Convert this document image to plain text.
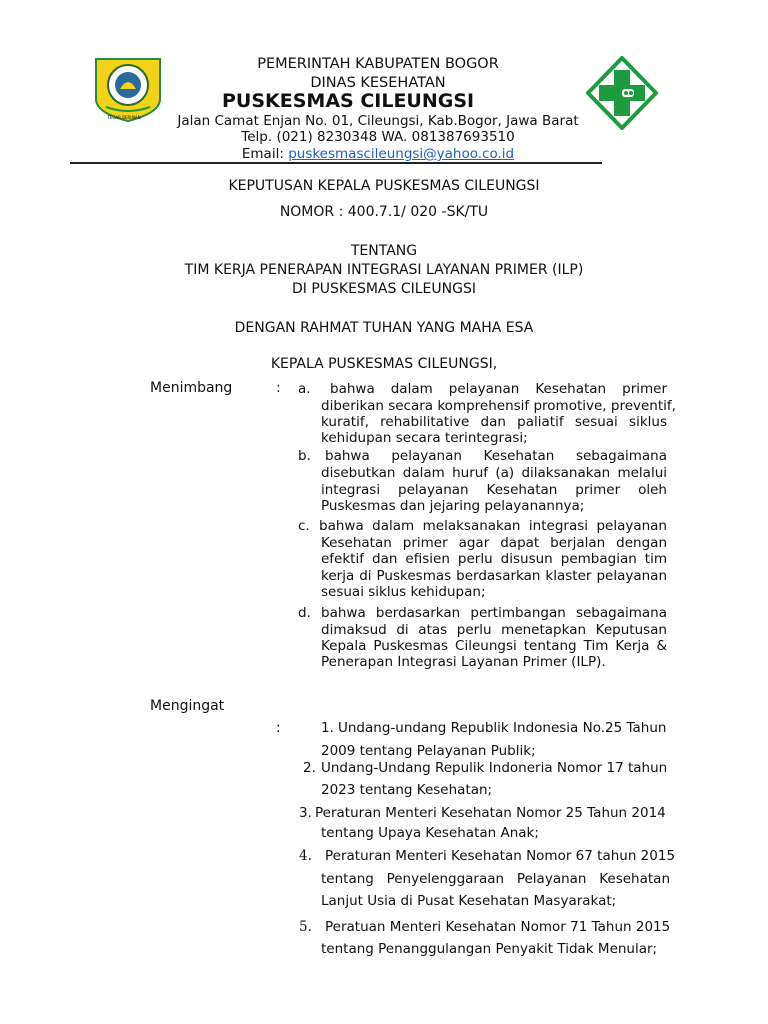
TEGAR BERIMAN
PEMERINTAH KABUPATEN BOGOR
DINAS KESEHATAN
PUSKESMAS CILEUNGSI
Jalan Camat Enjan No. 01, Cileungsi, Kab.Bogor, Jawa Barat
Telp. (021) 8230348 WA. 081387693510
Email: puskesmascileungsi@yahoo.co.id
KEPUTUSAN KEPALA PUSKESMAS CILEUNGSI
NOMOR : 400.7.1/ 020 -SK/TU
TENTANG
TIM KERJA PENERAPAN INTEGRASI LAYANAN PRIMER (ILP)
DI PUSKESMAS CILEUNGSI
DENGAN RAHMAT TUHAN YANG MAHA ESA
KEPALA PUSKESMAS CILEUNGSI,
Menimbang	: a. bahwa dalam pelayanan Kesehatan primer
diberikan secara komprehensif promotive, preventif,
kuratif, rehabilitative dan paliatif sesuai siklus
kehidupan secara terintegrasi;
b. bahwa pelayanan Kesehatan sebagaimana
disebutkan dalam huruf (a) dilaksanakan melalui
integrasi pelayanan Kesehatan primer oleh
Puskesmas dan jejaring pelayanannya;
c. bahwa dalam melaksanakan integrasi pelayanan
Kesehatan primer agar dapat berjalan dengan
efektif dan efisien perlu disusun pembagian tim
kerja di Puskesmas berdasarkan klaster pelayanan
sesuai siklus kehidupan;
d. bahwa berdasarkan pertimbangan sebagaimana
dimaksud di atas perlu menetapkan Keputusan
Kepala Puskesmas Cileungsi tentang Tim Kerja &
Penerapan Integrasi Layanan Primer (ILP).
Mengingat
:	1. Undang-undang Republik Indonesia No.25 Tahun
2009 tentang Pelayanan Publik;
2. Undang-Undang Repulik Indoneria Nomor 17 tahun
2023 tentang Kesehatan;
3. Peraturan Menteri Kesehatan Nomor 25 Tahun 2014
tentang Upaya Kesehatan Anak;
4. Peraturan Menteri Kesehatan Nomor 67 tahun 2015
tentang Penyelenggaraan Pelayanan Kesehatan
Lanjut Usia di Pusat Kesehatan Masyarakat;
5. Peratuan Menteri Kesehatan Nomor 71 Tahun 2015
tentang Penanggulangan Penyakit Tidak Menular;
